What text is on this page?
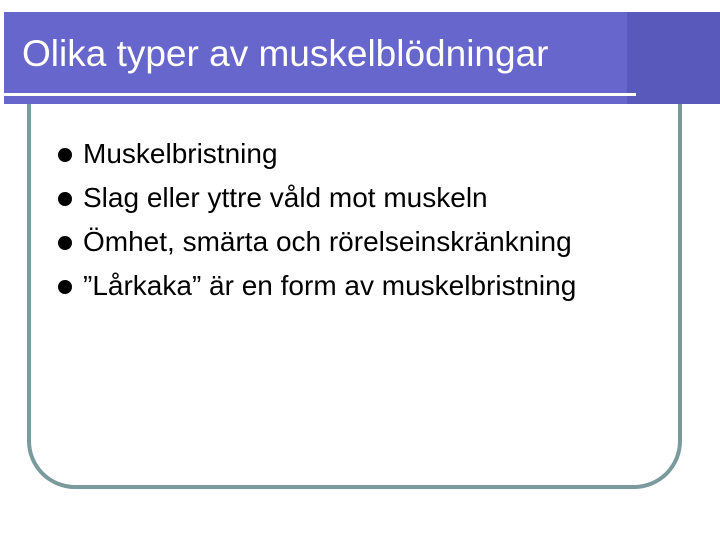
Olika typer av muskelblödningar
Muskelbristning
Slag eller yttre våld mot muskeln
Ömhet, smärta och rörelseinskränkning
”Lårkaka” är en form av muskelbristning
